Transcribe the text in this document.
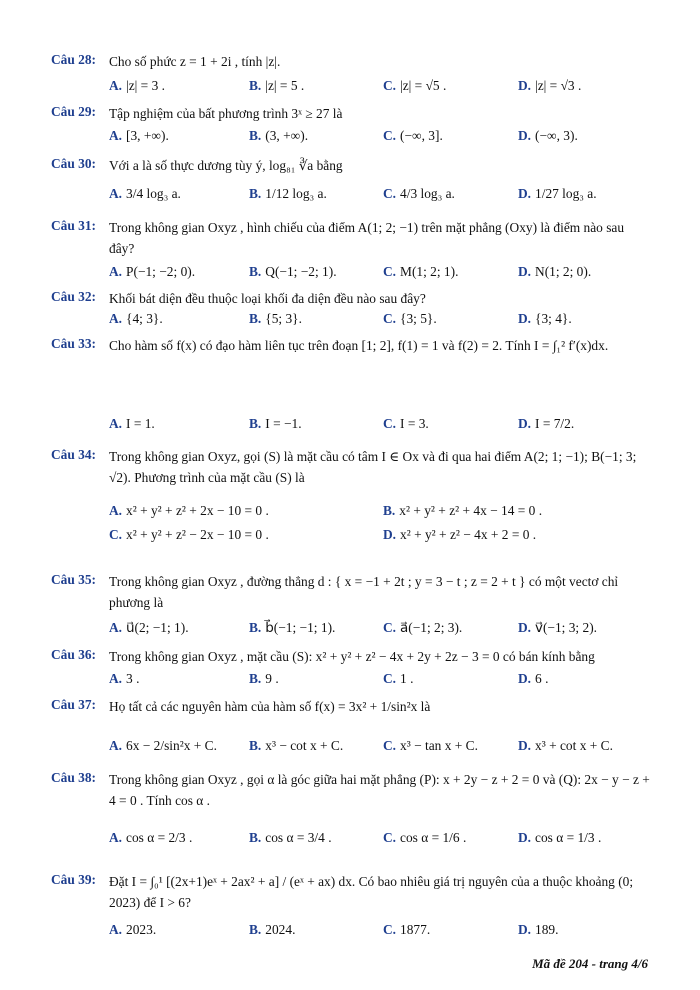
Câu 28: Cho số phức z = 1 + 2i , tính |z|.
A. |z| = 3 .	B. |z| = 5 .	C. |z| = √5 .	D. |z| = √3 .
Câu 29: Tập nghiệm của bất phương trình 3ˣ ≥ 27 là
A. [3, +∞).	B. (3, +∞).	C. (−∞, 3].	D. (−∞, 3).
Câu 30: Với a là số thực dương tùy ý, log₈₁ ∛a bằng
A. 3/4 log₃ a.	B. 1/12 log₃ a.	C. 4/3 log₃ a.	D. 1/27 log₃ a.
Câu 31: Trong không gian Oxyz , hình chiếu của điểm A(1; 2; −1) trên mặt phẳng (Oxy) là điểm nào sau đây?
A. P(−1; −2; 0).	B. Q(−1; −2; 1).	C. M(1; 2; 1).	D. N(1; 2; 0).
Câu 32: Khối bát diện đều thuộc loại khối đa diện đều nào sau đây?
A. {4; 3}.	B. {5; 3}.	C. {3; 5}.	D. {3; 4}.
Câu 33: Cho hàm số f(x) có đạo hàm liên tục trên đoạn [1; 2], f(1) = 1 và f(2) = 2. Tính I = ∫₁² f′(x)dx.
A. I = 1.	B. I = −1.	C. I = 3.	D. I = 7/2.
Câu 34: Trong không gian Oxyz, gọi (S) là mặt cầu có tâm I ∈ Ox và đi qua hai điểm A(2; 1; −1); B(−1; 3; √2). Phương trình của mặt cầu (S) là
A. x² + y² + z² + 2x − 10 = 0 .	B. x² + y² + z² + 4x − 14 = 0 .
C. x² + y² + z² − 2x − 10 = 0 .	D. x² + y² + z² − 4x + 2 = 0 .
Câu 35: Trong không gian Oxyz , đường thẳng d : { x = −1 + 2t ; y = 3 − t ; z = 2 + t } có một vectơ chỉ phương là
A. u⃗(2; −1; 1).	B. b⃗(−1; −1; 1).	C. a⃗(−1; 2; 3).	D. v⃗(−1; 3; 2).
Câu 36: Trong không gian Oxyz , mặt cầu (S): x² + y² + z² − 4x + 2y + 2z − 3 = 0 có bán kính bằng
A. 3 .	B. 9 .	C. 1 .	D. 6 .
Câu 37: Họ tất cả các nguyên hàm của hàm số f(x) = 3x² + 1/sin²x là
A. 6x − 2/sin²x + C. B. x³ − cot x + C.	C. x³ − tan x + C.	D. x³ + cot x + C.
Câu 38: Trong không gian Oxyz , gọi α là góc giữa hai mặt phẳng (P): x + 2y − z + 2 = 0 và (Q): 2x − y − z + 4 = 0 . Tính cos α .
A. cos α = 2/3 .	B. cos α = 3/4 .	C. cos α = 1/6 .	D. cos α = 1/3 .
Câu 39: Đặt I = ∫₀¹ [(2x+1)eˣ + 2ax² + a] / (eˣ + ax) dx. Có bao nhiêu giá trị nguyên của a thuộc khoảng (0; 2023) để I > 6?
A. 2023.	B. 2024.	C. 1877.	D. 189.
Mã đề 204 - trang 4/6
